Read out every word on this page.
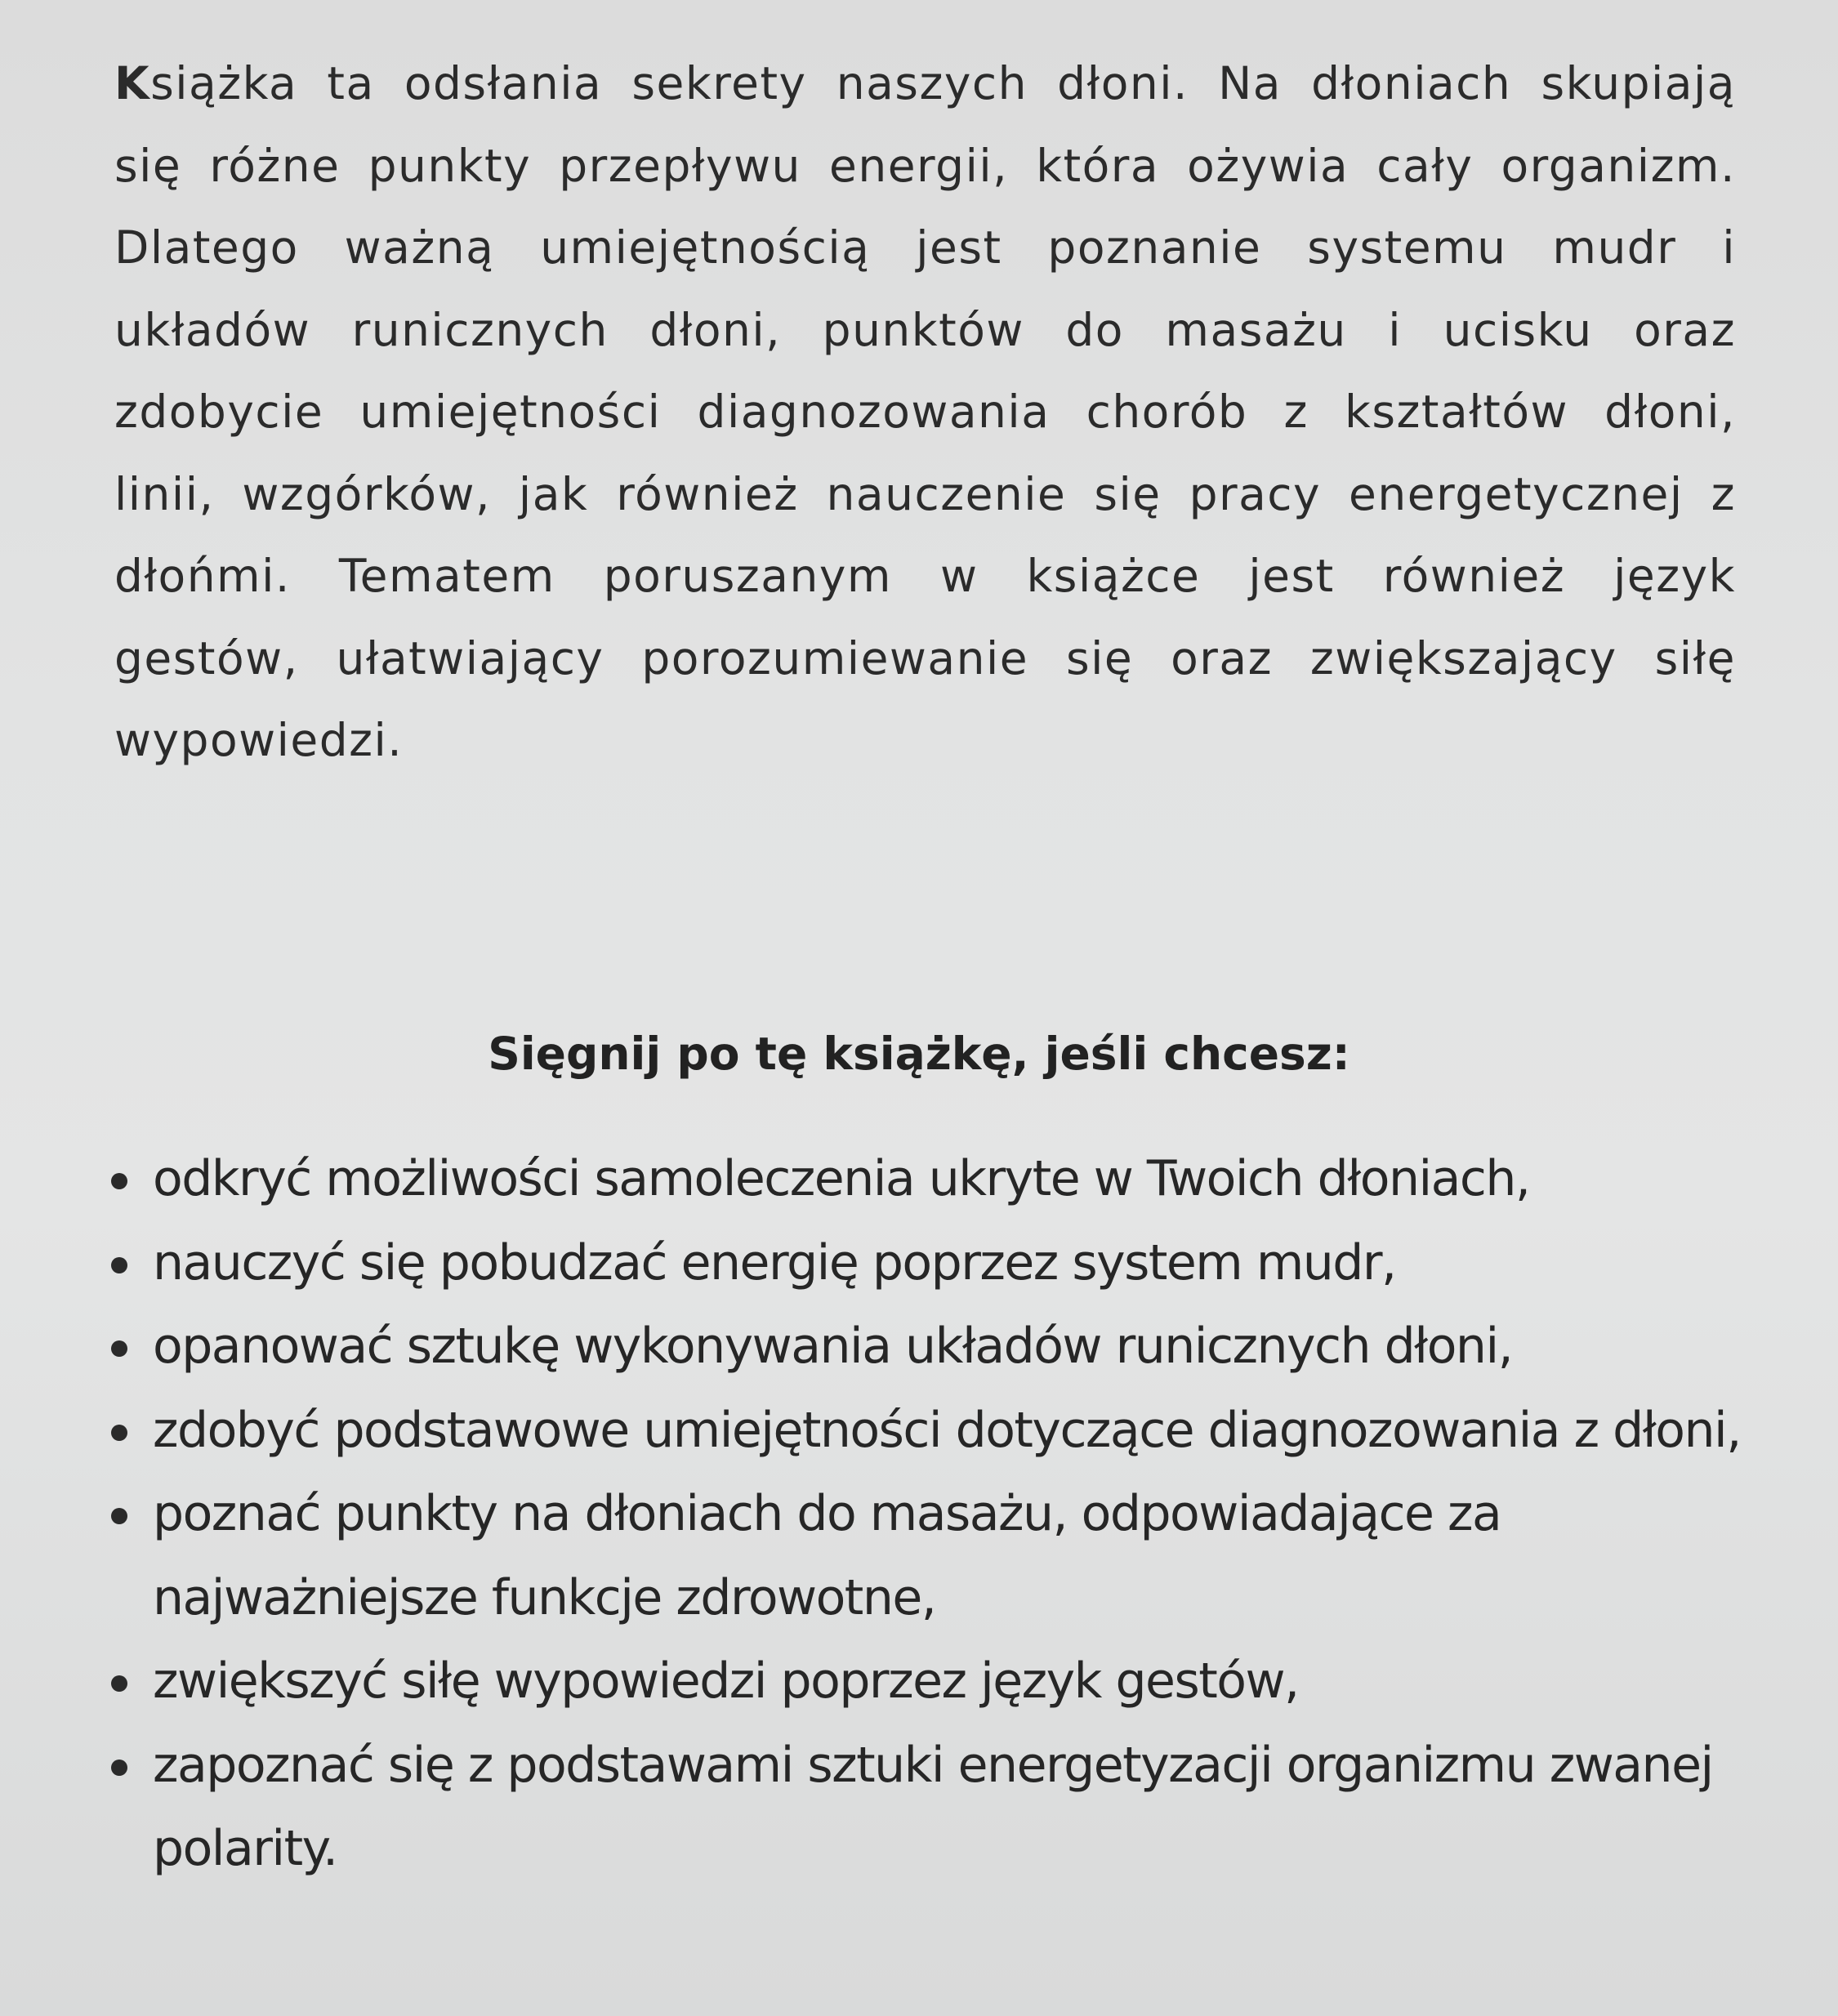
Książka ta odsłania sekrety naszych dłoni. Na dłoniach skupiają się różne punkty przepływu energii, która ożywia cały organizm. Dlatego ważną umiejętnością jest poznanie systemu mudr i układów runicznych dłoni, punktów do masażu i ucisku oraz zdobycie umiejętności diagnozowania chorób z kształtów dłoni, linii, wzgórków, jak również nauczenie się pracy energetycznej z dłońmi. Tematem poruszanym w książce jest również język gestów, ułatwiający porozumiewanie się oraz zwiększający siłę wypowiedzi.

Sięgnij po tę książkę, jeśli chcesz:
odkryć możliwości samoleczenia ukryte w Twoich dłoniach,
nauczyć się pobudzać energię poprzez system mudr,
opanować sztukę wykonywania układów runicznych dłoni,
zdobyć podstawowe umiejętności dotyczące diagnozowania z dłoni,
poznać punkty na dłoniach do masażu, odpowiadające za najważniejsze funkcje zdrowotne,
zwiększyć siłę wypowiedzi poprzez język gestów,
zapoznać się z podstawami sztuki energetyzacji organizmu zwanej polarity.
